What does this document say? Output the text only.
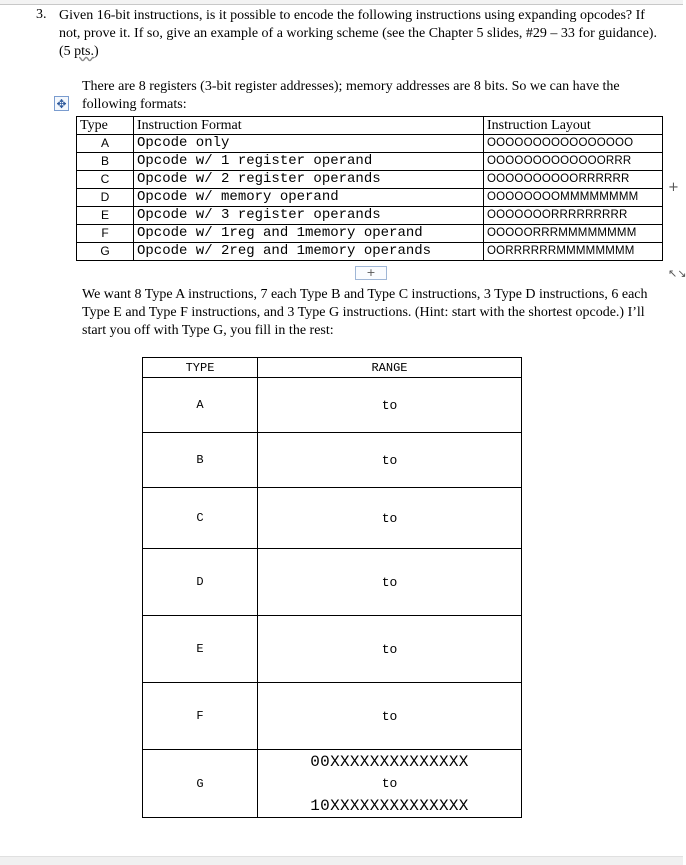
3. Given 16-bit instructions, is it possible to encode the following instructions using expanding opcodes? If not, prove it. If so, give an example of a working scheme (see the Chapter 5 slides, #29 – 33 for guidance). (5 pts.)
There are 8 registers (3-bit register addresses); memory addresses are 8 bits. So we can have the following formats:
✥
Type	Instruction Format	Instruction Layout
A	Opcode only	OOOOOOOOOOOOOOOO
B	Opcode w/ 1 register operand	OOOOOOOOOOOOORRR
C	Opcode w/ 2 register operands	OOOOOOOOOORRRRRR
D	Opcode w/ memory operand	OOOOOOOOMMMMMMMM
E	Opcode w/ 3 register operands	OOOOOOORRRRRRRRR
F	Opcode w/ 1reg and 1memory operand	OOOOORRRMMMMMMMM
G	Opcode w/ 2reg and 1memory operands	OORRRRRRMMMMMMMM
+
+	↖↘
We want 8 Type A instructions, 7 each Type B and Type C instructions, 3 Type D instructions, 6 each Type E and Type F instructions, and 3 Type G instructions. (Hint: start with the shortest opcode.) I’ll start you off with Type G, you fill in the rest:
TYPE	RANGE
A	to
B	to
C	to
D	to
E	to
F	to
G	00XXXXXXXXXXXXXX
to
10XXXXXXXXXXXXXX
